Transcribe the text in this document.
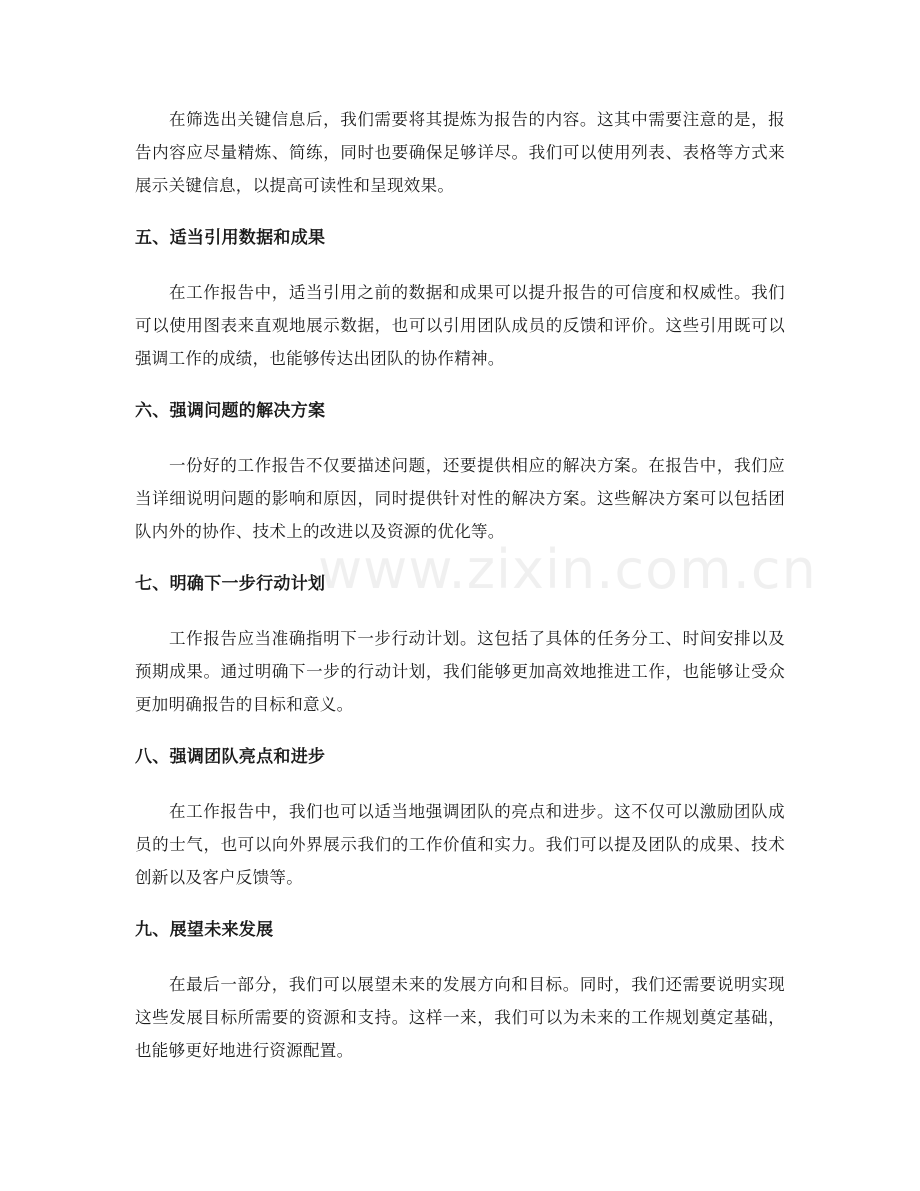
在筛选出关键信息后，我们需要将其提炼为报告的内容。这其中需要注意的是，报告内容应尽量精炼、简练，同时也要确保足够详尽。我们可以使用列表、表格等方式来展示关键信息，以提高可读性和呈现效果。

五、适当引用数据和成果

在工作报告中，适当引用之前的数据和成果可以提升报告的可信度和权威性。我们可以使用图表来直观地展示数据，也可以引用团队成员的反馈和评价。这些引用既可以强调工作的成绩，也能够传达出团队的协作精神。

六、强调问题的解决方案

一份好的工作报告不仅要描述问题，还要提供相应的解决方案。在报告中，我们应当详细说明问题的影响和原因，同时提供针对性的解决方案。这些解决方案可以包括团队内外的协作、技术上的改进以及资源的优化等。

七、明确下一步行动计划

工作报告应当准确指明下一步行动计划。这包括了具体的任务分工、时间安排以及预期成果。通过明确下一步的行动计划，我们能够更加高效地推进工作，也能够让受众更加明确报告的目标和意义。

八、强调团队亮点和进步

在工作报告中，我们也可以适当地强调团队的亮点和进步。这不仅可以激励团队成员的士气，也可以向外界展示我们的工作价值和实力。我们可以提及团队的成果、技术创新以及客户反馈等。

九、展望未来发展

在最后一部分，我们可以展望未来的发展方向和目标。同时，我们还需要说明实现这些发展目标所需要的资源和支持。这样一来，我们可以为未来的工作规划奠定基础，也能够更好地进行资源配置。

www.zixin.com.cn
